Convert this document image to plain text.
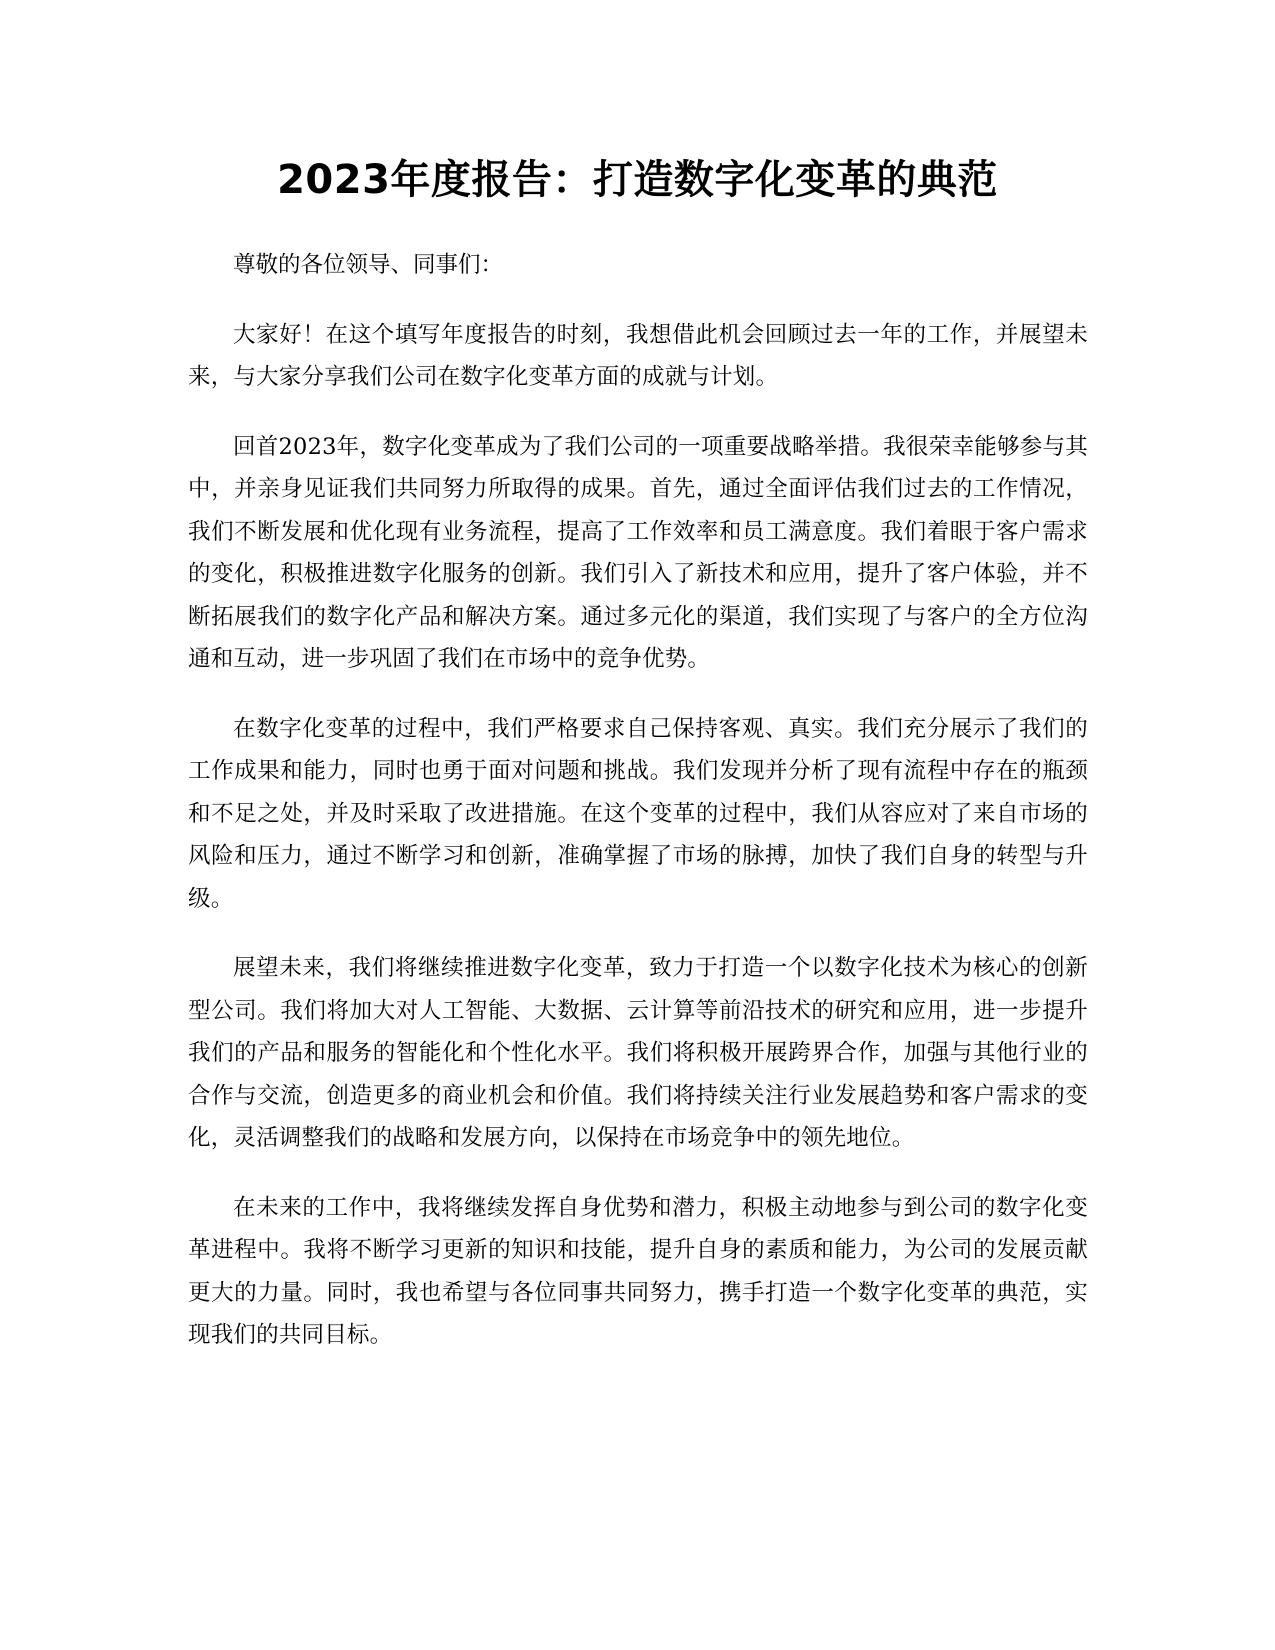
2023年度报告：打造数字化变革的典范

尊敬的各位领导、同事们：

大家好！在这个填写年度报告的时刻，我想借此机会回顾过去一年的工作，并展望未来，与大家分享我们公司在数字化变革方面的成就与计划。

回首2023年，数字化变革成为了我们公司的一项重要战略举措。我很荣幸能够参与其中，并亲身见证我们共同努力所取得的成果。首先，通过全面评估我们过去的工作情况，我们不断发展和优化现有业务流程，提高了工作效率和员工满意度。我们着眼于客户需求的变化，积极推进数字化服务的创新。我们引入了新技术和应用，提升了客户体验，并不断拓展我们的数字化产品和解决方案。通过多元化的渠道，我们实现了与客户的全方位沟通和互动，进一步巩固了我们在市场中的竞争优势。

在数字化变革的过程中，我们严格要求自己保持客观、真实。我们充分展示了我们的工作成果和能力，同时也勇于面对问题和挑战。我们发现并分析了现有流程中存在的瓶颈和不足之处，并及时采取了改进措施。在这个变革的过程中，我们从容应对了来自市场的风险和压力，通过不断学习和创新，准确掌握了市场的脉搏，加快了我们自身的转型与升级。

展望未来，我们将继续推进数字化变革，致力于打造一个以数字化技术为核心的创新型公司。我们将加大对人工智能、大数据、云计算等前沿技术的研究和应用，进一步提升我们的产品和服务的智能化和个性化水平。我们将积极开展跨界合作，加强与其他行业的合作与交流，创造更多的商业机会和价值。我们将持续关注行业发展趋势和客户需求的变化，灵活调整我们的战略和发展方向，以保持在市场竞争中的领先地位。

在未来的工作中，我将继续发挥自身优势和潜力，积极主动地参与到公司的数字化变革进程中。我将不断学习更新的知识和技能，提升自身的素质和能力，为公司的发展贡献更大的力量。同时，我也希望与各位同事共同努力，携手打造一个数字化变革的典范，实现我们的共同目标。
